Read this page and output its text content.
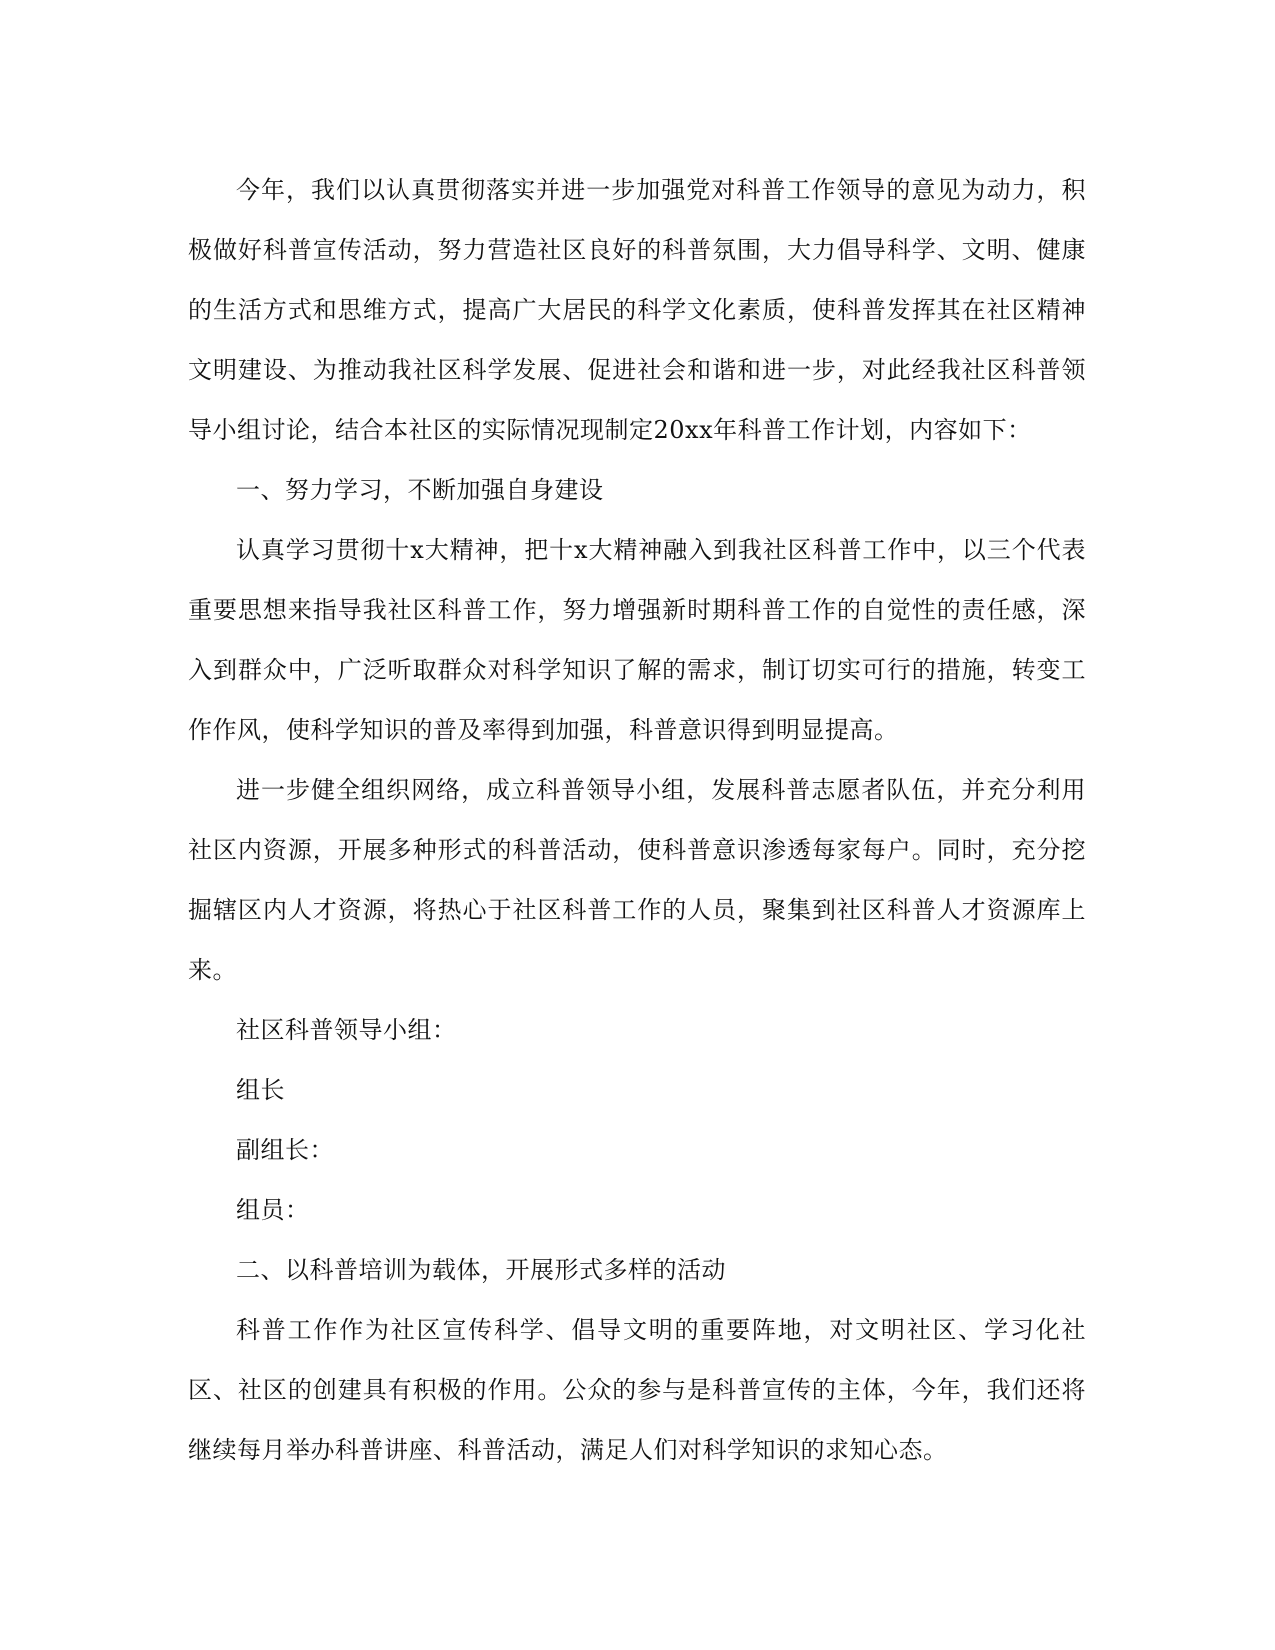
今年，我们以认真贯彻落实并进一步加强党对科普工作领导的意见为动力，积极做好科普宣传活动，努力营造社区良好的科普氛围，大力倡导科学、文明、健康的生活方式和思维方式，提高广大居民的科学文化素质，使科普发挥其在社区精神文明建设、为推动我社区科学发展、促进社会和谐和进一步，对此经我社区科普领导小组讨论，结合本社区的实际情况现制定20xx年科普工作计划，内容如下：

一、努力学习，不断加强自身建设

认真学习贯彻十x大精神，把十x大精神融入到我社区科普工作中，以三个代表重要思想来指导我社区科普工作，努力增强新时期科普工作的自觉性的责任感，深入到群众中，广泛听取群众对科学知识了解的需求，制订切实可行的措施，转变工作作风，使科学知识的普及率得到加强，科普意识得到明显提高。

进一步健全组织网络，成立科普领导小组，发展科普志愿者队伍，并充分利用社区内资源，开展多种形式的科普活动，使科普意识渗透每家每户。同时，充分挖掘辖区内人才资源，将热心于社区科普工作的人员，聚集到社区科普人才资源库上来。

社区科普领导小组：

组长

副组长：

组员：

二、以科普培训为载体，开展形式多样的活动

科普工作作为社区宣传科学、倡导文明的重要阵地，对文明社区、学习化社区、社区的创建具有积极的作用。公众的参与是科普宣传的主体，今年，我们还将继续每月举办科普讲座、科普活动，满足人们对科学知识的求知心态。
